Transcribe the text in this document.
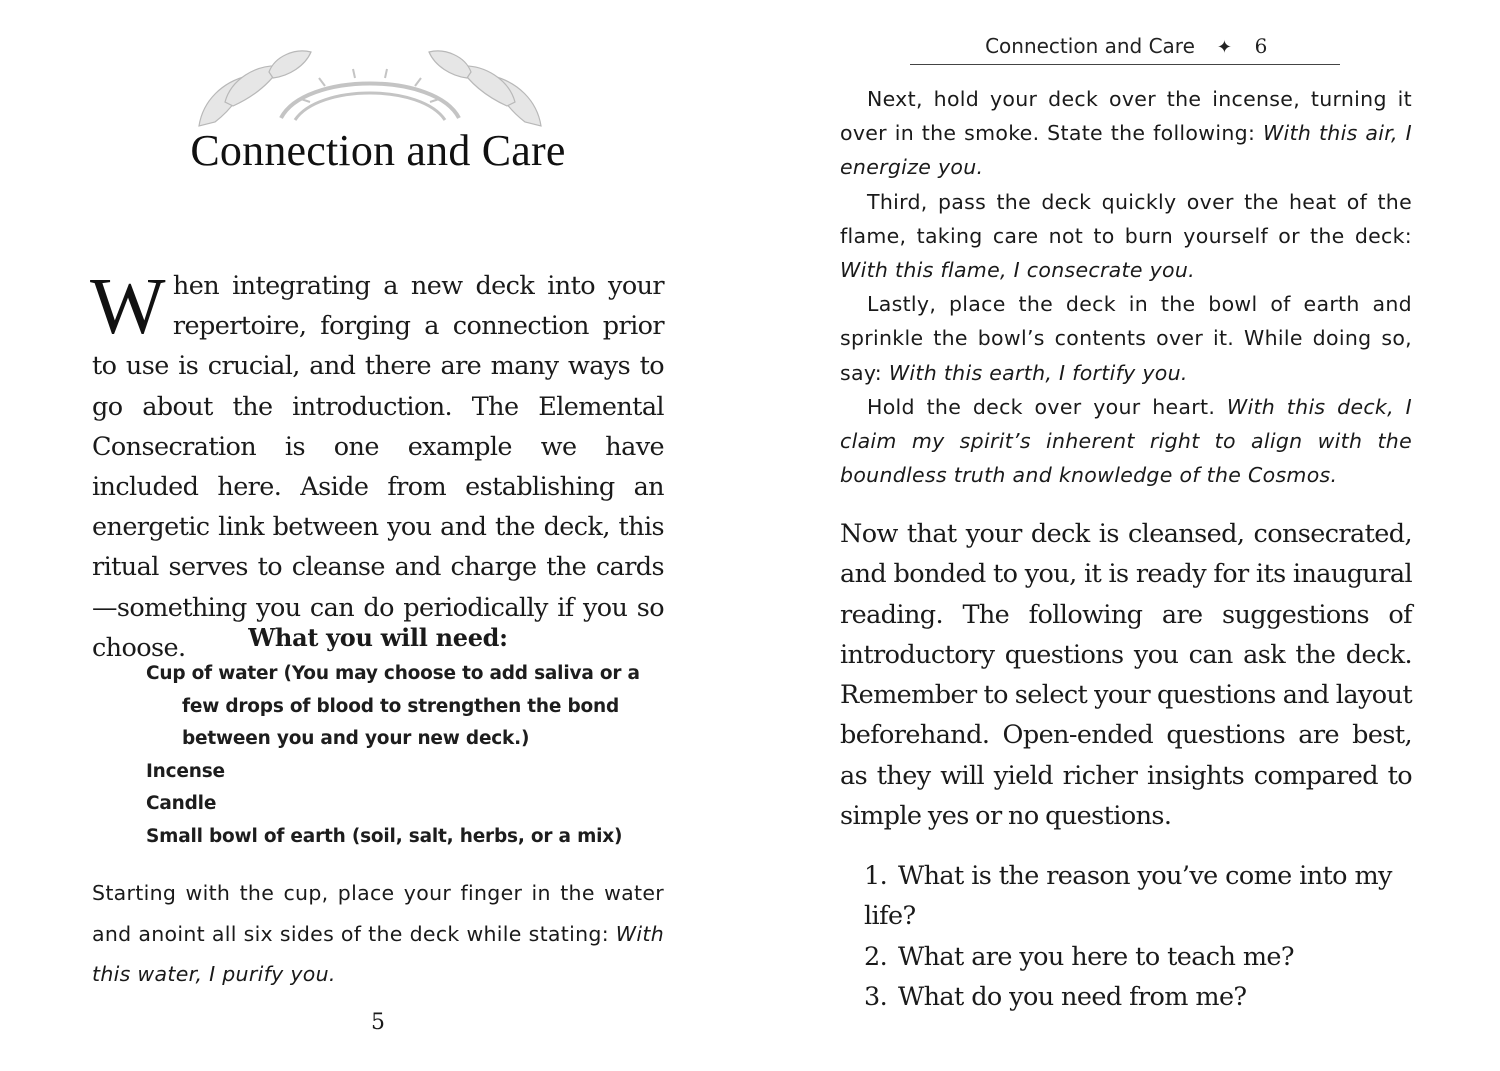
Connection and Care

When integrating a new deck into your repertoire, forging a connection prior to use is crucial, and there are many ways to go about the introduction. The Elemental Consecration is one example we have included here. Aside from establishing an energetic link between you and the deck, this ritual serves to cleanse and charge the cards—something you can do periodically if you so choose.	What you will need:
Cup of water (You may choose to add saliva or a few drops of blood to strengthen the bond between you and your new deck.)
Incense
Candle
Small bowl of earth (soil, salt, herbs, or a mix)

Starting with the cup, place your finger in the water and anoint all six sides of the deck while stating: With this water, I purify you.

5
Connection and Care ✦ 6

Next, hold your deck over the incense, turning it over in the smoke. State the following: With this air, I energize you.

Third, pass the deck quickly over the heat of the flame, taking care not to burn yourself or the deck: With this flame, I consecrate you.

Lastly, place the deck in the bowl of earth and sprinkle the bowl’s contents over it. While doing so, say: With this earth, I fortify you.

Hold the deck over your heart. With this deck, I claim my spirit’s inherent right to align with the boundless truth and knowledge of the Cosmos.

Now that your deck is cleansed, consecrated, and bonded to you, it is ready for its inaugural reading. The following are suggestions of introductory questions you can ask the deck. Remember to select your questions and layout beforehand. Open-ended questions are best, as they will yield richer insights compared to simple yes or no questions.

1. What is the reason you’ve come into my life?
2. What are you here to teach me?
3. What do you need from me?
